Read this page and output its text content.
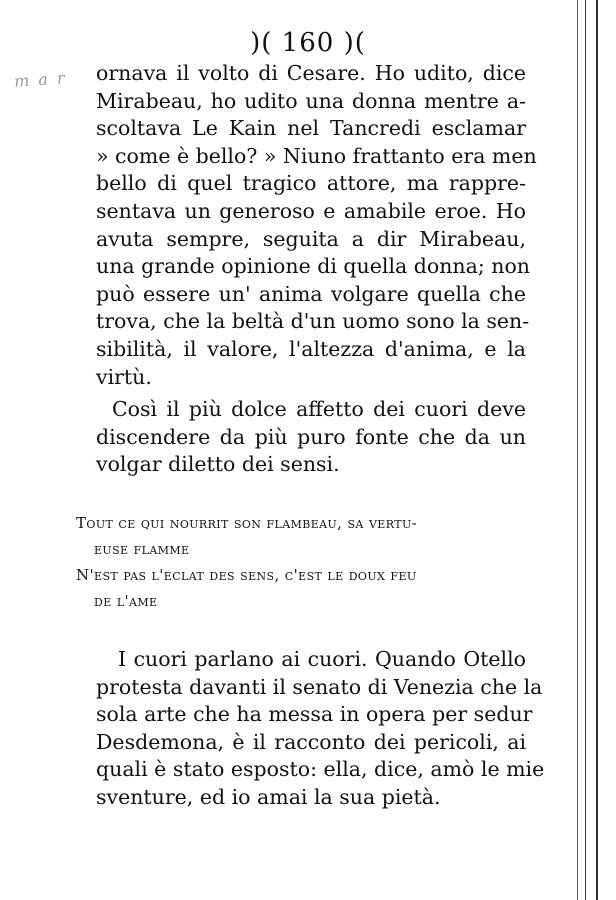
)( 160 )(
m a r ornava il volto di Cesare. Ho udito, dice
Mirabeau, ho udito una donna mentre a-
scoltava Le Kain nel Tancredi esclamar
» come è bello? » Niuno frattanto era men
bello di quel tragico attore, ma rappre-
sentava un generoso e amabile eroe. Ho
avuta sempre, seguita a dir Mirabeau,
una grande opinione di quella donna; non
può essere un' anima volgare quella che
trova, che la beltà d'un uomo sono la sen-
sibilità, il valore, l'altezza d'anima, e la
virtù.
Così il più dolce affetto dei cuori deve
discendere da più puro fonte che da un
volgar diletto dei sensi.
Tout ce qui nourrit son flambeau, sa vertu-
euse flamme
N'est pas l'eclat des sens, c'est le doux feu
de l'ame
I cuori parlano ai cuori. Quando Otello
protesta davanti il senato di Venezia che la
sola arte che ha messa in opera per sedur
Desdemona, è il racconto dei pericoli, ai
quali è stato esposto: ella, dice, amò le mie
sventure, ed io amai la sua pietà.
